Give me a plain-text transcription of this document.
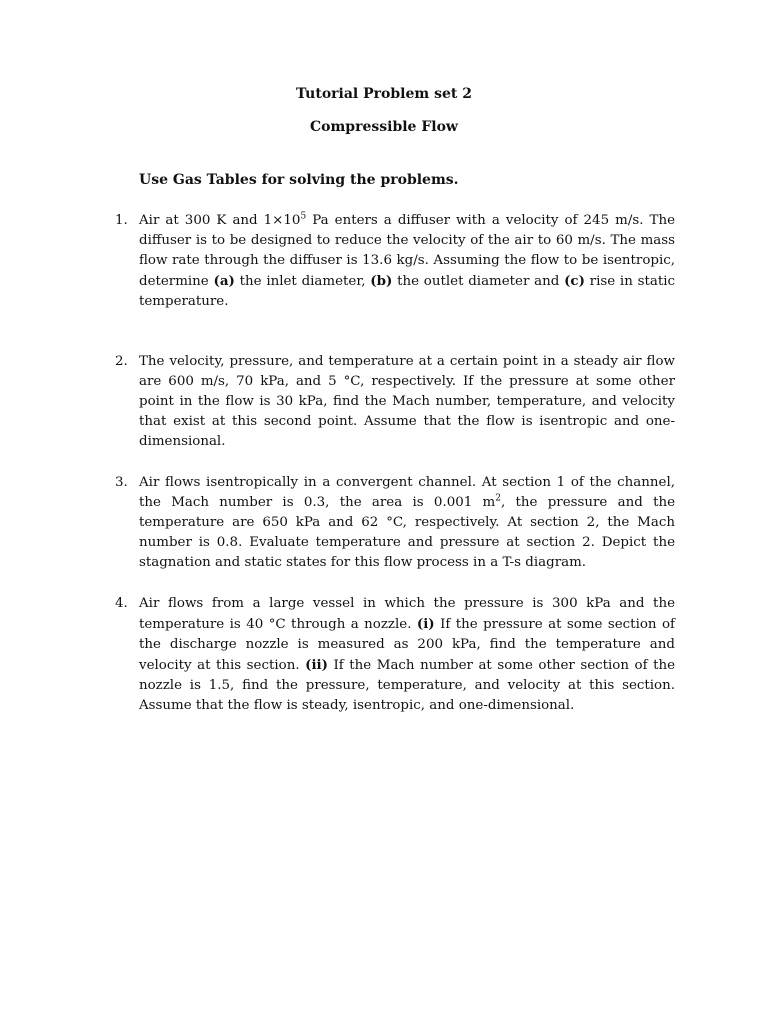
Tutorial Problem set 2
Compressible Flow

Use Gas Tables for solving the problems.

1. Air at 300 K and $1\times 10^5$ Pa enters a diffuser with a velocity of 245 m/s. The diffuser is to be designed to reduce the velocity of the air to 60 m/s. The mass flow rate through the diffuser is 13.6 kg/s. Assuming the flow to be isentropic, determine (a) the inlet diameter, (b) the outlet diameter and (c) rise in static temperature.
2. The velocity, pressure, and temperature at a certain point in a steady air flow are 600 m/s, 70 kPa, and 5 °C, respectively. If the pressure at some other point in the flow is 30 kPa, find the Mach number, temperature, and velocity that exist at this second point. Assume that the flow is isentropic and one-dimensional.
3. Air flows isentropically in a convergent channel. At section 1 of the channel, the Mach number is 0.3, the area is 0.001 $m^2$, the pressure and the temperature are 650 kPa and 62 °C, respectively. At section 2, the Mach number is 0.8. Evaluate temperature and pressure at section 2. Depict the stagnation and static states for this flow process in a T-s diagram.
4. Air flows from a large vessel in which the pressure is 300 kPa and the temperature is 40 °C through a nozzle. (i) If the pressure at some section of the discharge nozzle is measured as 200 kPa, find the temperature and velocity at this section. (ii) If the Mach number at some other section of the nozzle is 1.5, find the pressure, temperature, and velocity at this section. Assume that the flow is steady, isentropic, and one-dimensional.
